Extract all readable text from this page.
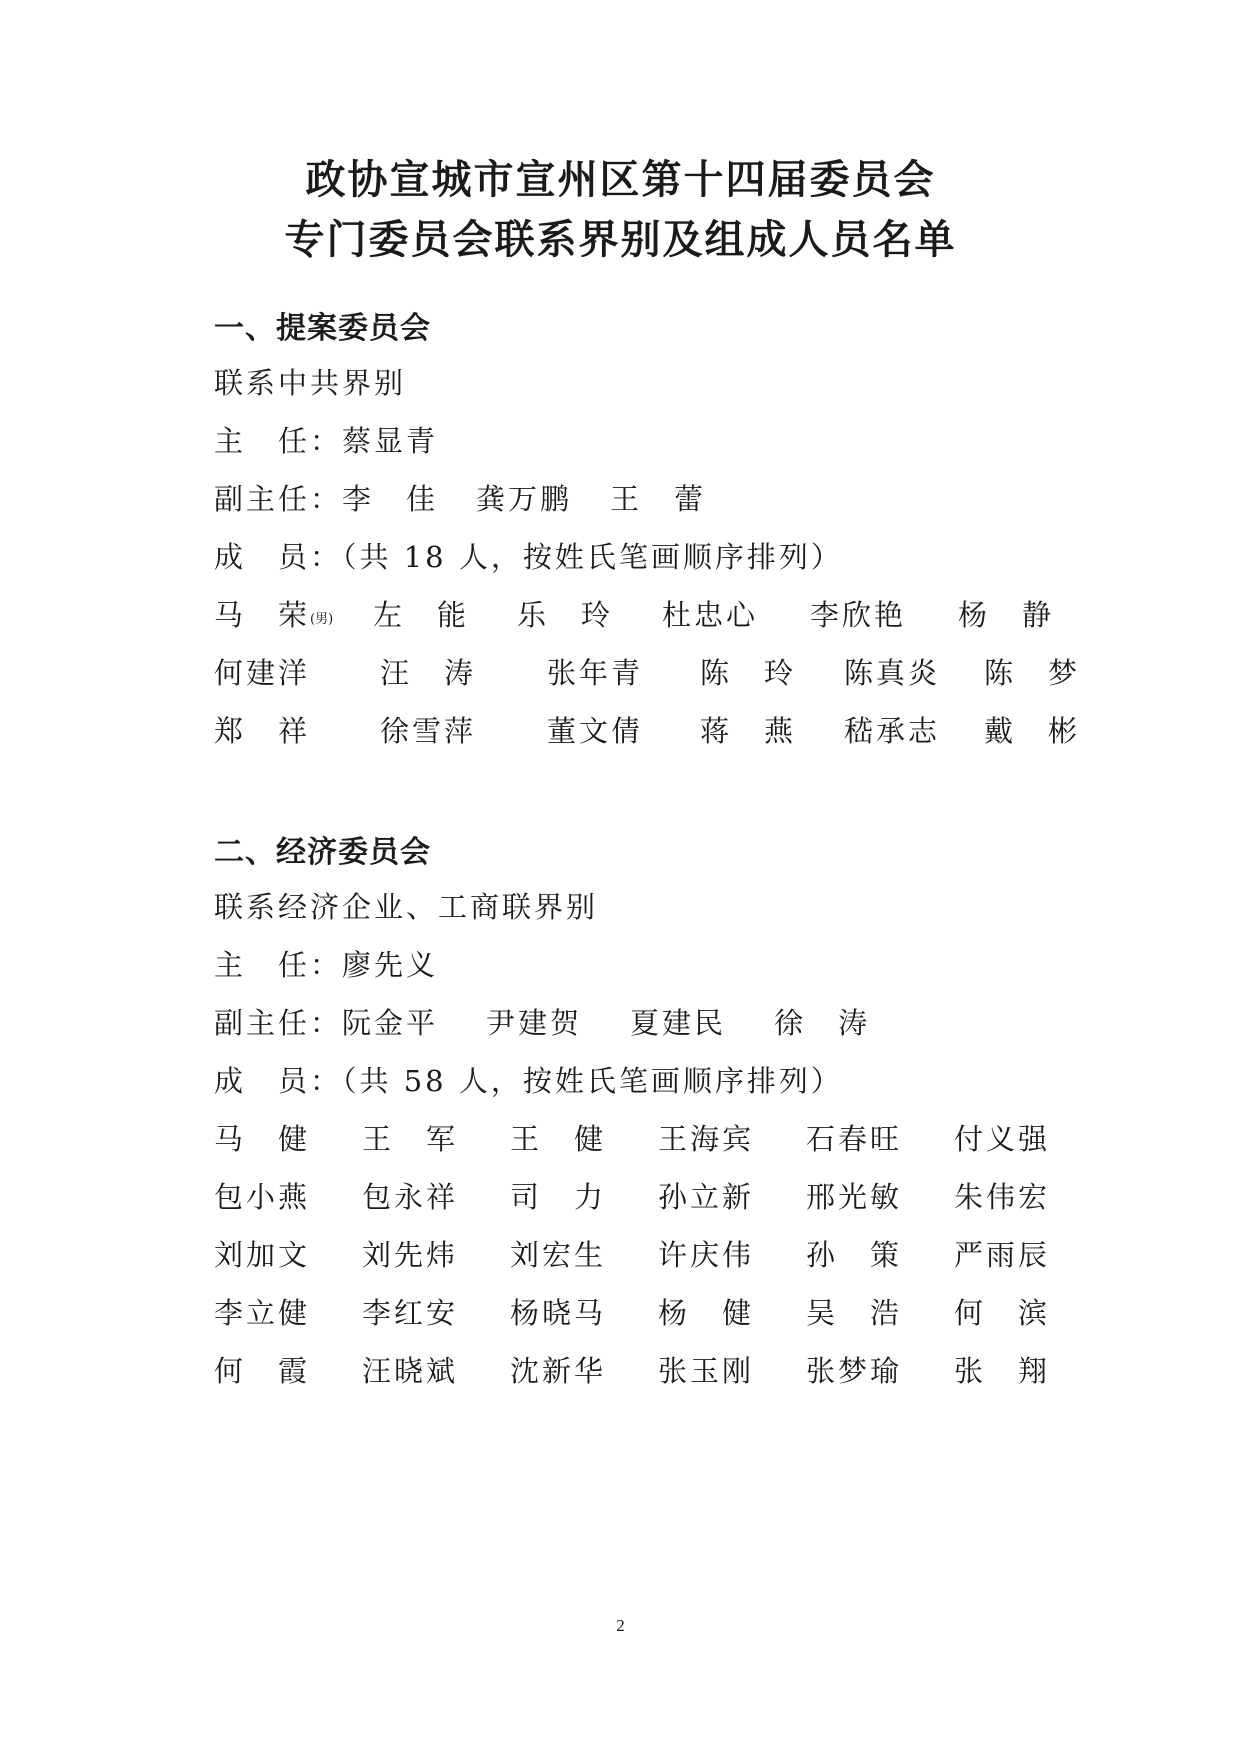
政协宣城市宣州区第十四届委员会
专门委员会联系界别及组成人员名单
一、提案委员会
联系中共界别
主　任：蔡显青
副主任：李　佳 龚万鹏 王　蕾
成　员：（共 18 人，按姓氏笔画顺序排列）
马　荣(男) 左　能 乐　玲 杜忠心 李欣艳 杨　静
何建洋 汪　涛 张年青 陈　玲 陈真炎 陈　梦
郑　祥 徐雪萍 董文倩 蒋　燕 嵇承志 戴　彬
二、经济委员会
联系经济企业、工商联界别
主　任：廖先义
副主任：阮金平 尹建贺 夏建民 徐　涛
成　员：（共 58 人，按姓氏笔画顺序排列）
马　健 王　军 王　健 王海宾 石春旺 付义强
包小燕 包永祥 司　力 孙立新 邢光敏 朱伟宏
刘加文 刘先炜 刘宏生 许庆伟 孙　策 严雨辰
李立健 李红安 杨晓马 杨　健 吴　浩 何　滨
何　霞 汪晓斌 沈新华 张玉刚 张梦瑜 张　翔
2
